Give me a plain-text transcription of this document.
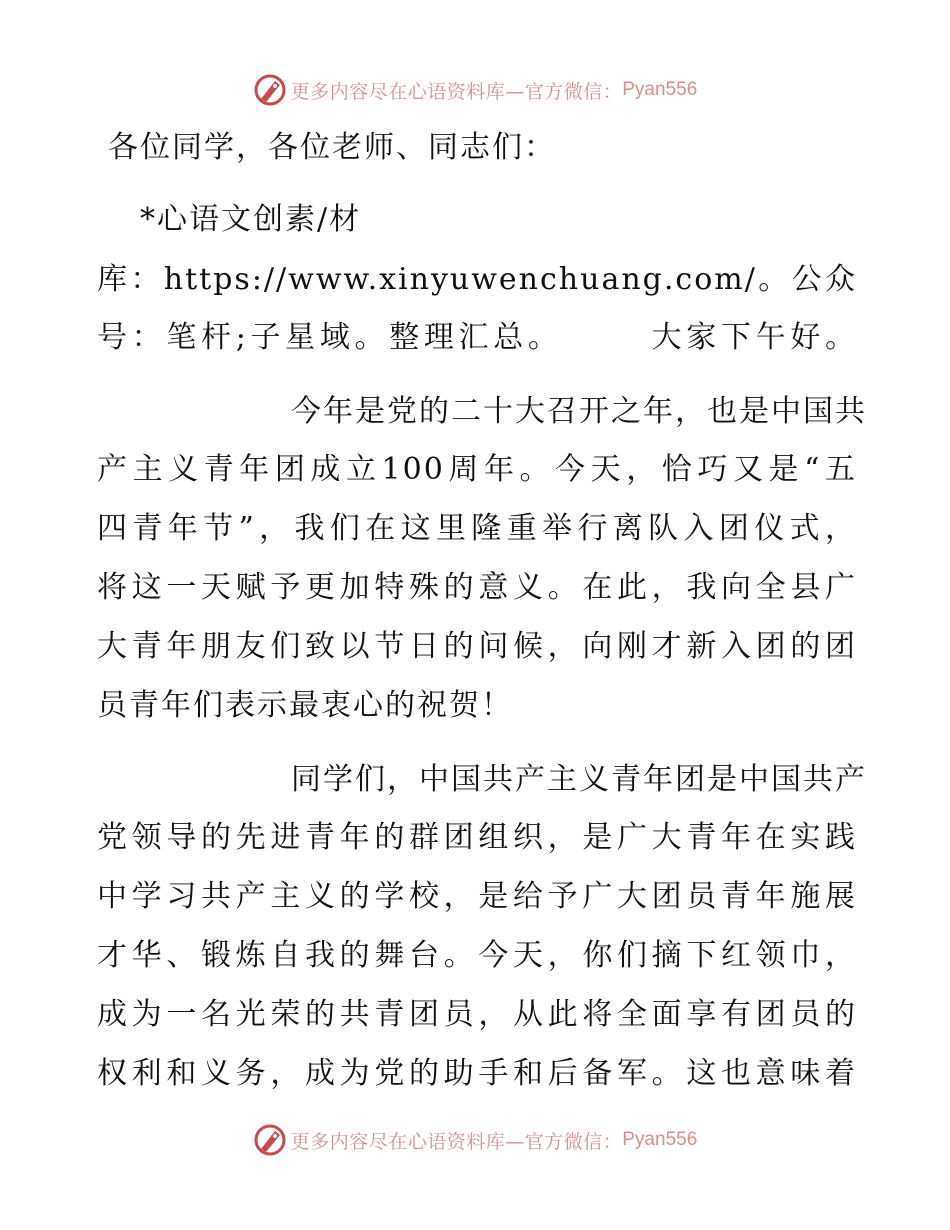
更多内容尽在心语资料库—官方微信： Pyan556
各位同学，各位老师、同志们：
*心语文创素/材
库：https://www.xinyuwenchuang.com/。公众
号：笔杆;子星域。整理汇总。　　　大家下午好。
　　今年是党的二十大召开之年，也是中国共
产主义青年团成立100周年。今天，恰巧又是“五
四青年节”，我们在这里隆重举行离队入团仪式，
将这一天赋予更加特殊的意义。在此，我向全县广
大青年朋友们致以节日的问候，向刚才新入团的团
员青年们表示最衷心的祝贺！
　　同学们，中国共产主义青年团是中国共产
党领导的先进青年的群团组织，是广大青年在实践
中学习共产主义的学校，是给予广大团员青年施展
才华、锻炼自我的舞台。今天，你们摘下红领巾，
成为一名光荣的共青团员，从此将全面享有团员的
权利和义务，成为党的助手和后备军。这也意味着
更多内容尽在心语资料库—官方微信： Pyan556
